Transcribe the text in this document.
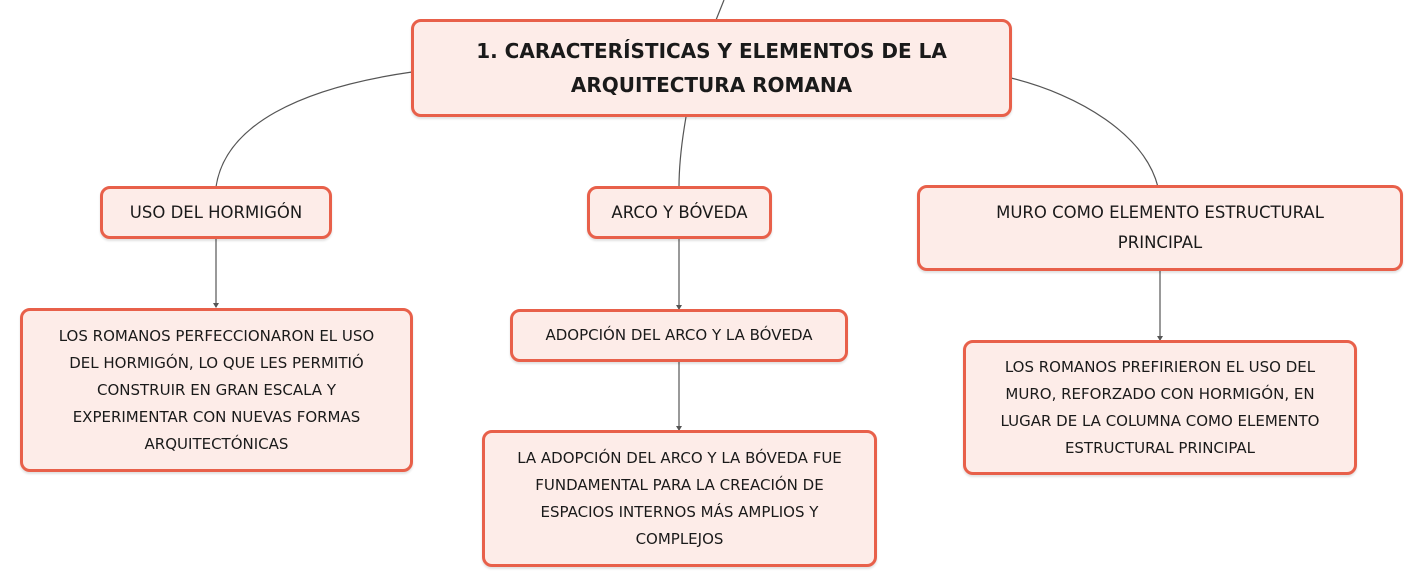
1. CARACTERÍSTICAS Y ELEMENTOS DE LA
ARQUITECTURA ROMANA
USO DEL HORMIGÓN	ARCO Y BÓVEDA	MURO COMO ELEMENTO ESTRUCTURAL
PRINCIPAL
LOS ROMANOS PERFECCIONARON EL USO
DEL HORMIGÓN, LO QUE LES PERMITIÓ
CONSTRUIR EN GRAN ESCALA Y
EXPERIMENTAR CON NUEVAS FORMAS
ARQUITECTÓNICAS
ADOPCIÓN DEL ARCO Y LA BÓVEDA
LA ADOPCIÓN DEL ARCO Y LA BÓVEDA FUE
FUNDAMENTAL PARA LA CREACIÓN DE
ESPACIOS INTERNOS MÁS AMPLIOS Y
COMPLEJOS
LOS ROMANOS PREFIRIERON EL USO DEL
MURO, REFORZADO CON HORMIGÓN, EN
LUGAR DE LA COLUMNA COMO ELEMENTO
ESTRUCTURAL PRINCIPAL
